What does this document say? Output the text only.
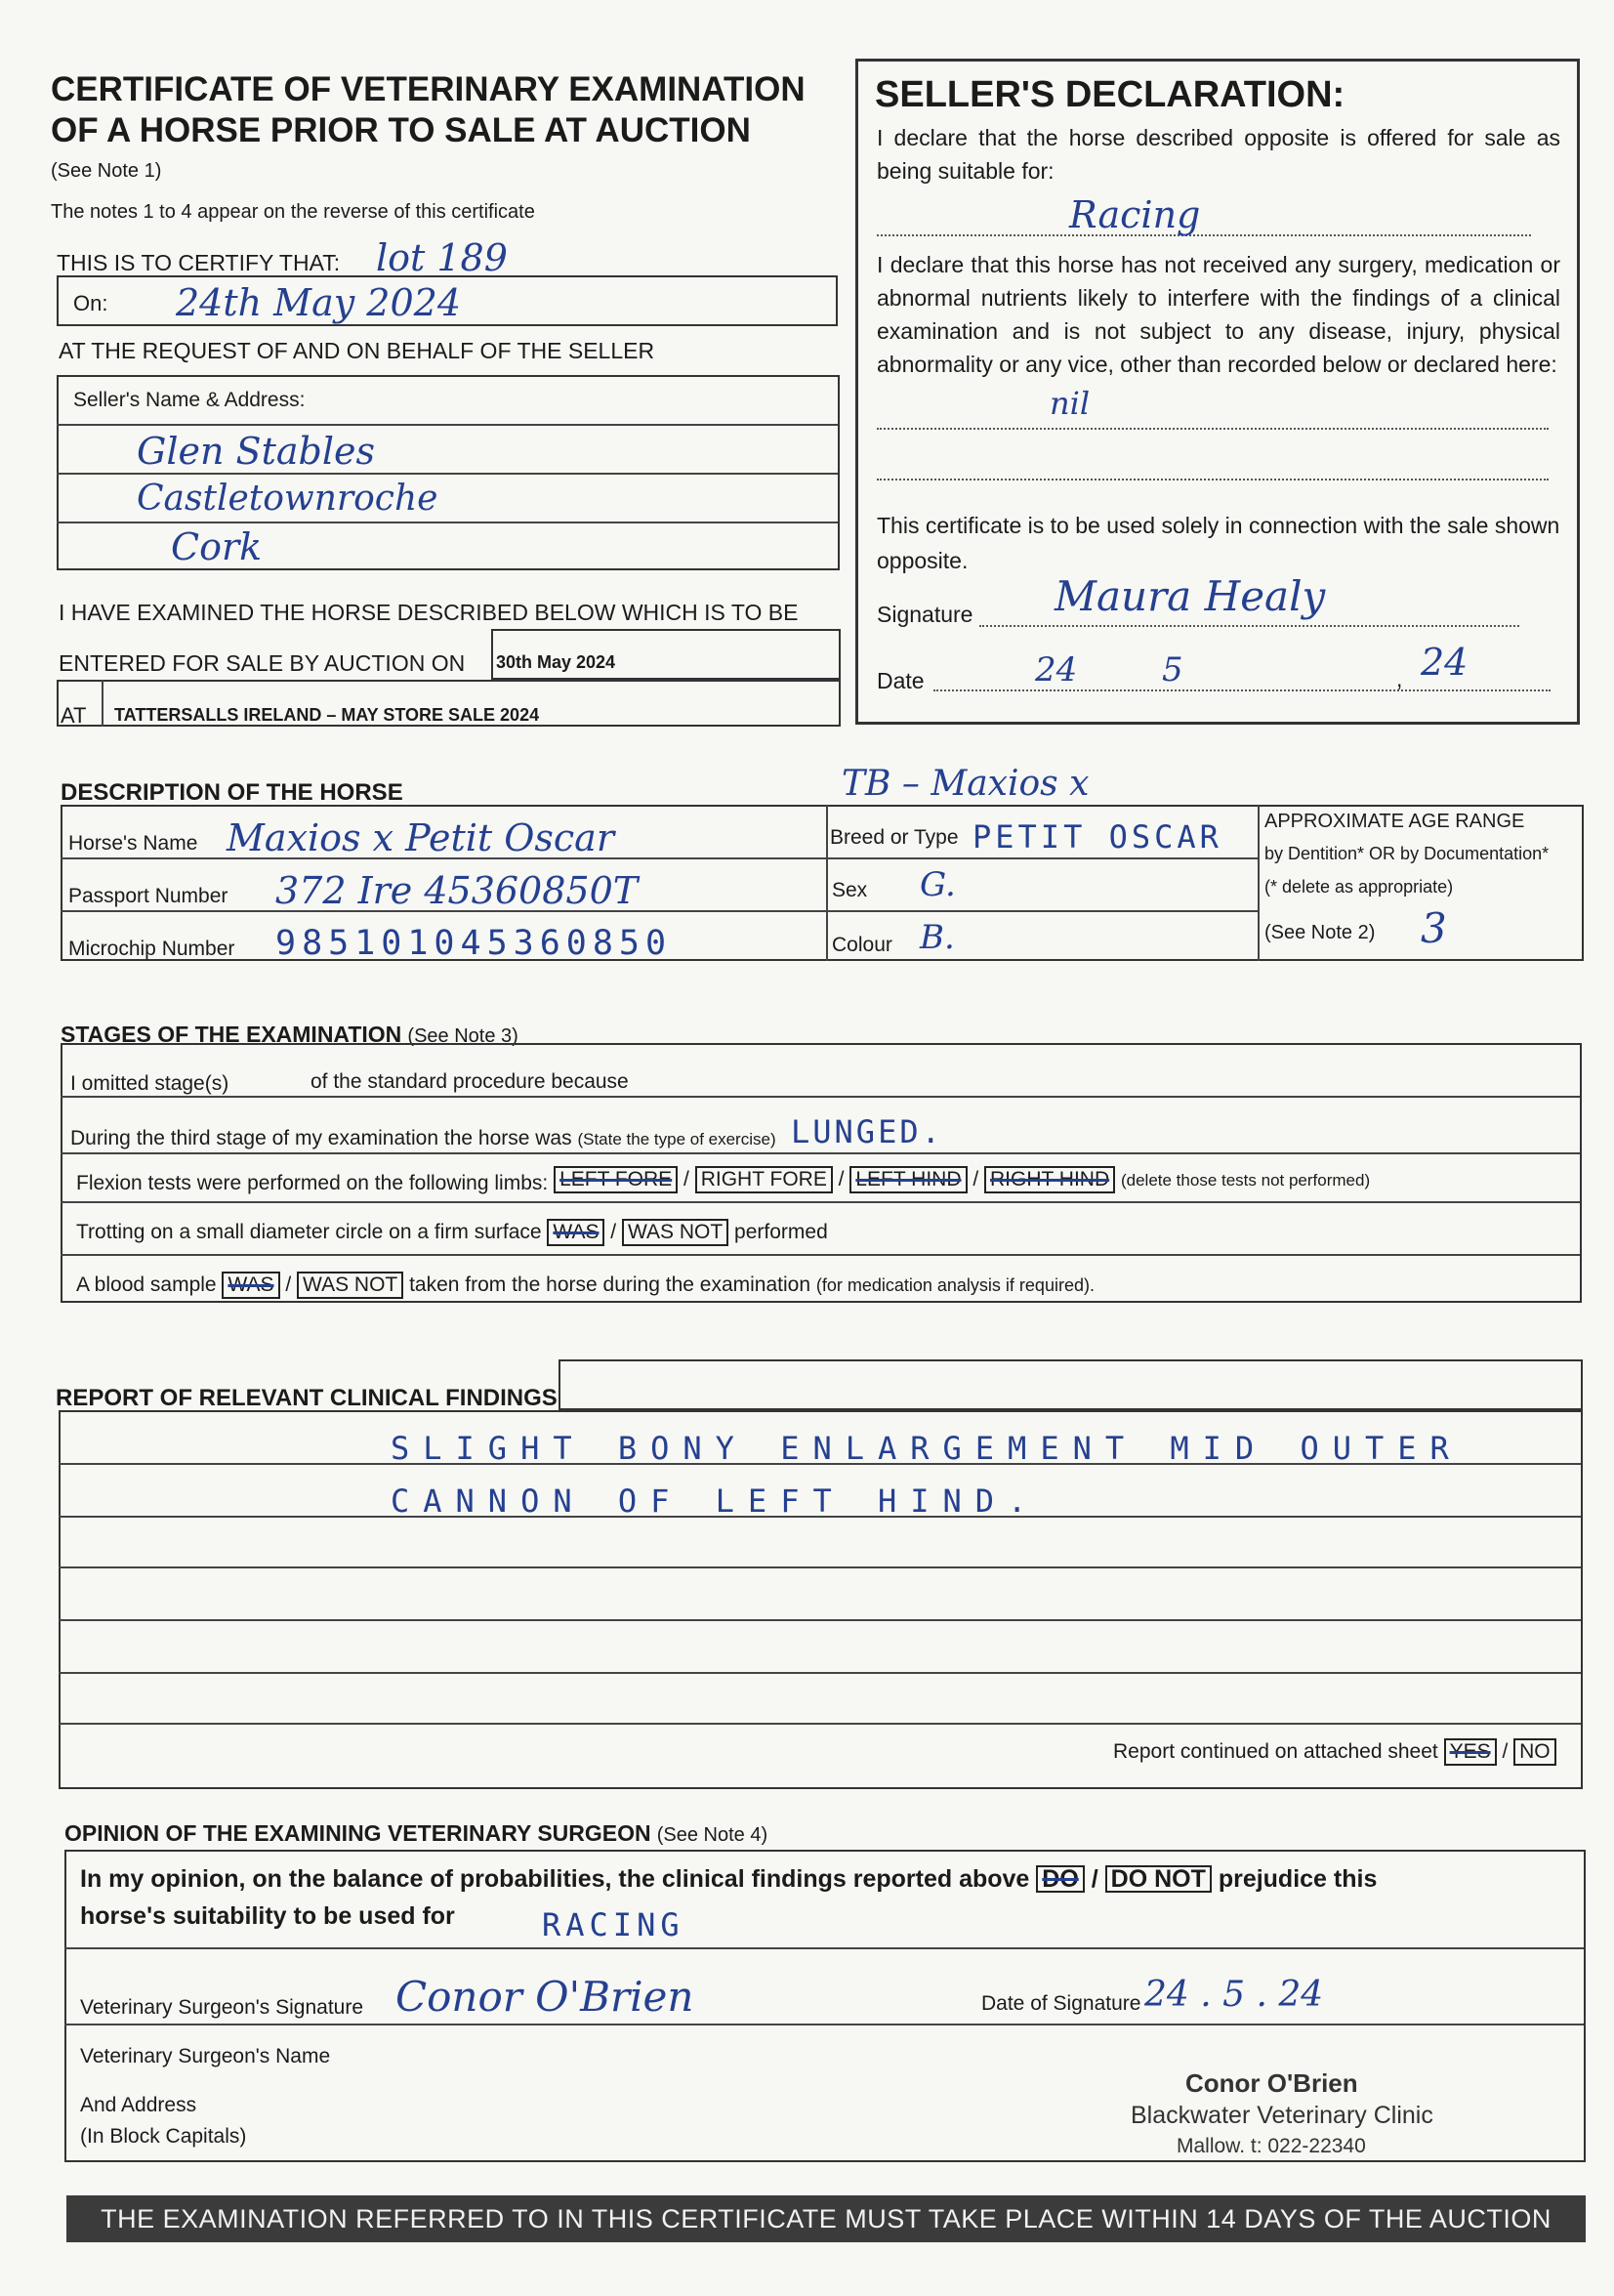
CERTIFICATE OF VETERINARY EXAMINATION
OF A HORSE PRIOR TO SALE AT AUCTION
(See Note 1)
The notes 1 to 4 appear on the reverse of this certificate
THIS IS TO CERTIFY THAT: lot 189
On: 24th May 2024
AT THE REQUEST OF AND ON BEHALF OF THE SELLER
Seller's Name & Address:
Glen Stables
Castletownroche
Cork
I HAVE EXAMINED THE HORSE DESCRIBED BELOW WHICH IS TO BE
ENTERED FOR SALE BY AUCTION ON 30th May 2024
AT TATTERSALLS IRELAND – MAY STORE SALE 2024
SELLER'S DECLARATION:
I declare that the horse described opposite is offered for sale as being suitable for:
Racing
I declare that this horse has not received any surgery, medication or abnormal nutrients likely to interfere with the findings of a clinical examination and is not subject to any disease, injury, physical abnormality or any vice, other than recorded below or declared here:
nil
This certificate is to be used solely in connection with the sale shown opposite.
Signature Maura Healy
Date	24	5	, 24
DESCRIPTION OF THE HORSE	TB – Maxios x
Horse's Name Maxios x Petit Oscar
Passport Number 372 Ire 45360850T
Microchip Number 985101045360850
Breed or Type PETIT OSCAR
Sex G.
Colour B.
APPROXIMATE AGE RANGE
by Dentition* OR by Documentation*
(* delete as appropriate)
(See Note 2) 3
STAGES OF THE EXAMINATION (See Note 3)
I omitted stage(s)	of the standard procedure because
During the third stage of my examination the horse was (State the type of exercise) LUNGED.
Flexion tests were performed on the following limbs: LEFT FORE / RIGHT FORE / LEFT HIND / RIGHT HIND (delete those tests not performed)
Trotting on a small diameter circle on a firm surface WAS / WAS NOT performed
A blood sample WAS / WAS NOT taken from the horse during the examination (for medication analysis if required).
REPORT OF RELEVANT CLINICAL FINDINGS
SLIGHT BONY ENLARGEMENT MID OUTER
CANNON OF LEFT HIND.
Report continued on attached sheet YES / NO
OPINION OF THE EXAMINING VETERINARY SURGEON (See Note 4)
In my opinion, on the balance of probabilities, the clinical findings reported above DO / DO NOT prejudice this
horse's suitability to be used for	RACING
Veterinary Surgeon's Signature Conor O'Brien	Date of Signature 24 . 5 . 24
Veterinary Surgeon's Name
And Address
(In Block Capitals)
Conor O'Brien
Blackwater Veterinary Clinic
Mallow. t: 022-22340
THE EXAMINATION REFERRED TO IN THIS CERTIFICATE MUST TAKE PLACE WITHIN 14 DAYS OF THE AUCTION
